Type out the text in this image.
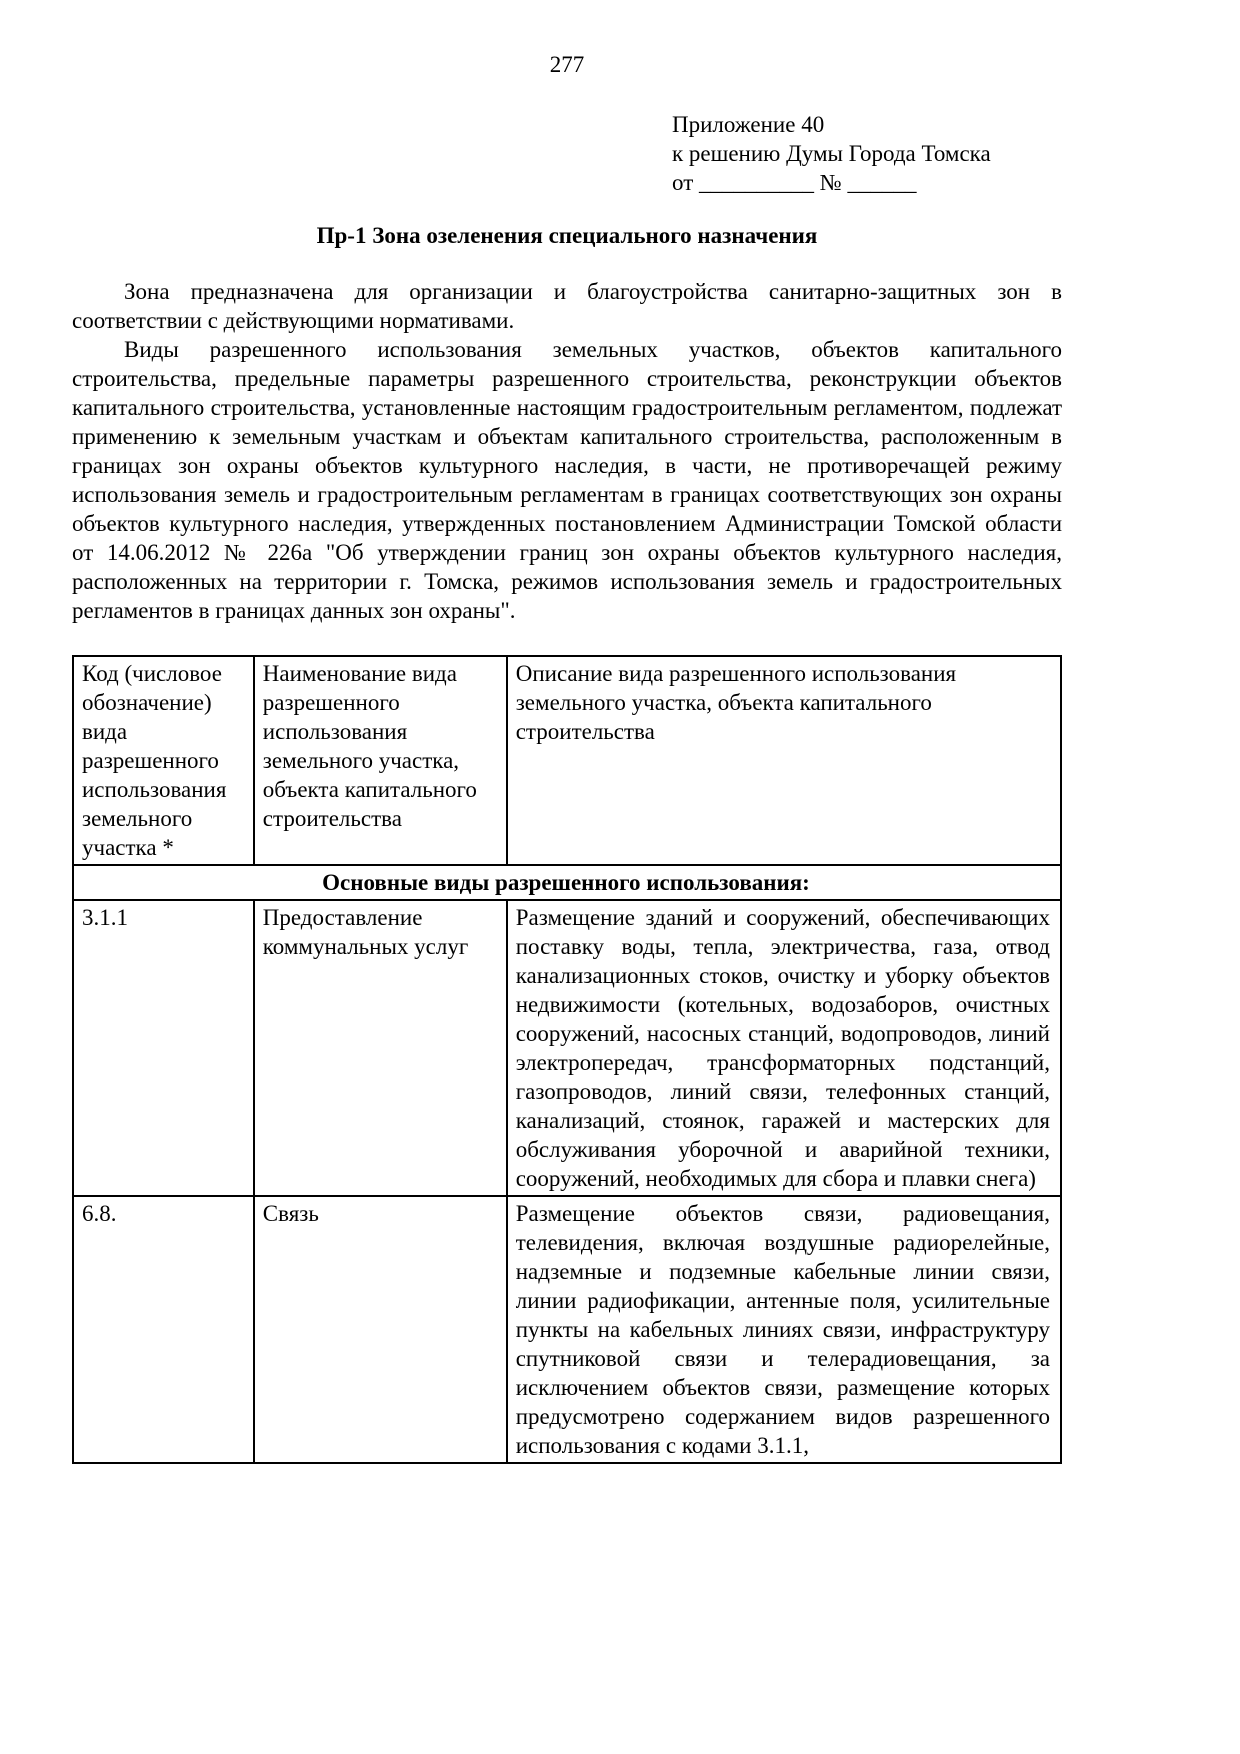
277
Приложение 40
к решению Думы Города Томска
от __________ № ______
Пр-1 Зона озеленения специального назначения

Зона предназначена для организации и благоустройства санитарно-защитных зон в соответствии с действующими нормативами.

Виды разрешенного использования земельных участков, объектов капитального строительства, предельные параметры разрешенного строительства, реконструкции объектов капитального строительства, установленные настоящим градостроительным регламентом, подлежат применению к земельным участкам и объектам капитального строительства, расположенным в границах зон охраны объектов культурного наследия, в части, не противоречащей режиму использования земель и градостроительным регламентам в границах соответствующих зон охраны объектов культурного наследия, утвержденных постановлением Администрации Томской области от 14.06.2012 № 226а "Об утверждении границ зон охраны объектов культурного наследия, расположенных на территории г. Томска, режимов использования земель и градостроительных регламентов в границах данных зон охраны".

Код (числовое обозначение) вида разрешенного использования земельного участка *	Наименование вида разрешенного использования земельного участка, объекта капитального строительства	Описание вида разрешенного использования земельного участка, объекта капитального строительства
Основные виды разрешенного использования:		
3.1.1	Предоставление коммунальных услуг	Размещение зданий и сооружений, обеспечивающих поставку воды, тепла, электричества, газа, отвод канализационных стоков, очистку и уборку объектов недвижимости (котельных, водозаборов, очистных сооружений, насосных станций, водопроводов, линий электропередач, трансформаторных подстанций, газопроводов, линий связи, телефонных станций, канализаций, стоянок, гаражей и мастерских для обслуживания уборочной и аварийной техники, сооружений, необходимых для сбора и плавки снега)
6.8.	Связь	Размещение объектов связи, радиовещания, телевидения, включая воздушные радиорелейные, надземные и подземные кабельные линии связи, линии радиофикации, антенные поля, усилительные пункты на кабельных линиях связи, инфраструктуру спутниковой связи и телерадиовещания, за исключением объектов связи, размещение которых предусмотрено содержанием видов разрешенного использования с кодами 3.1.1,
